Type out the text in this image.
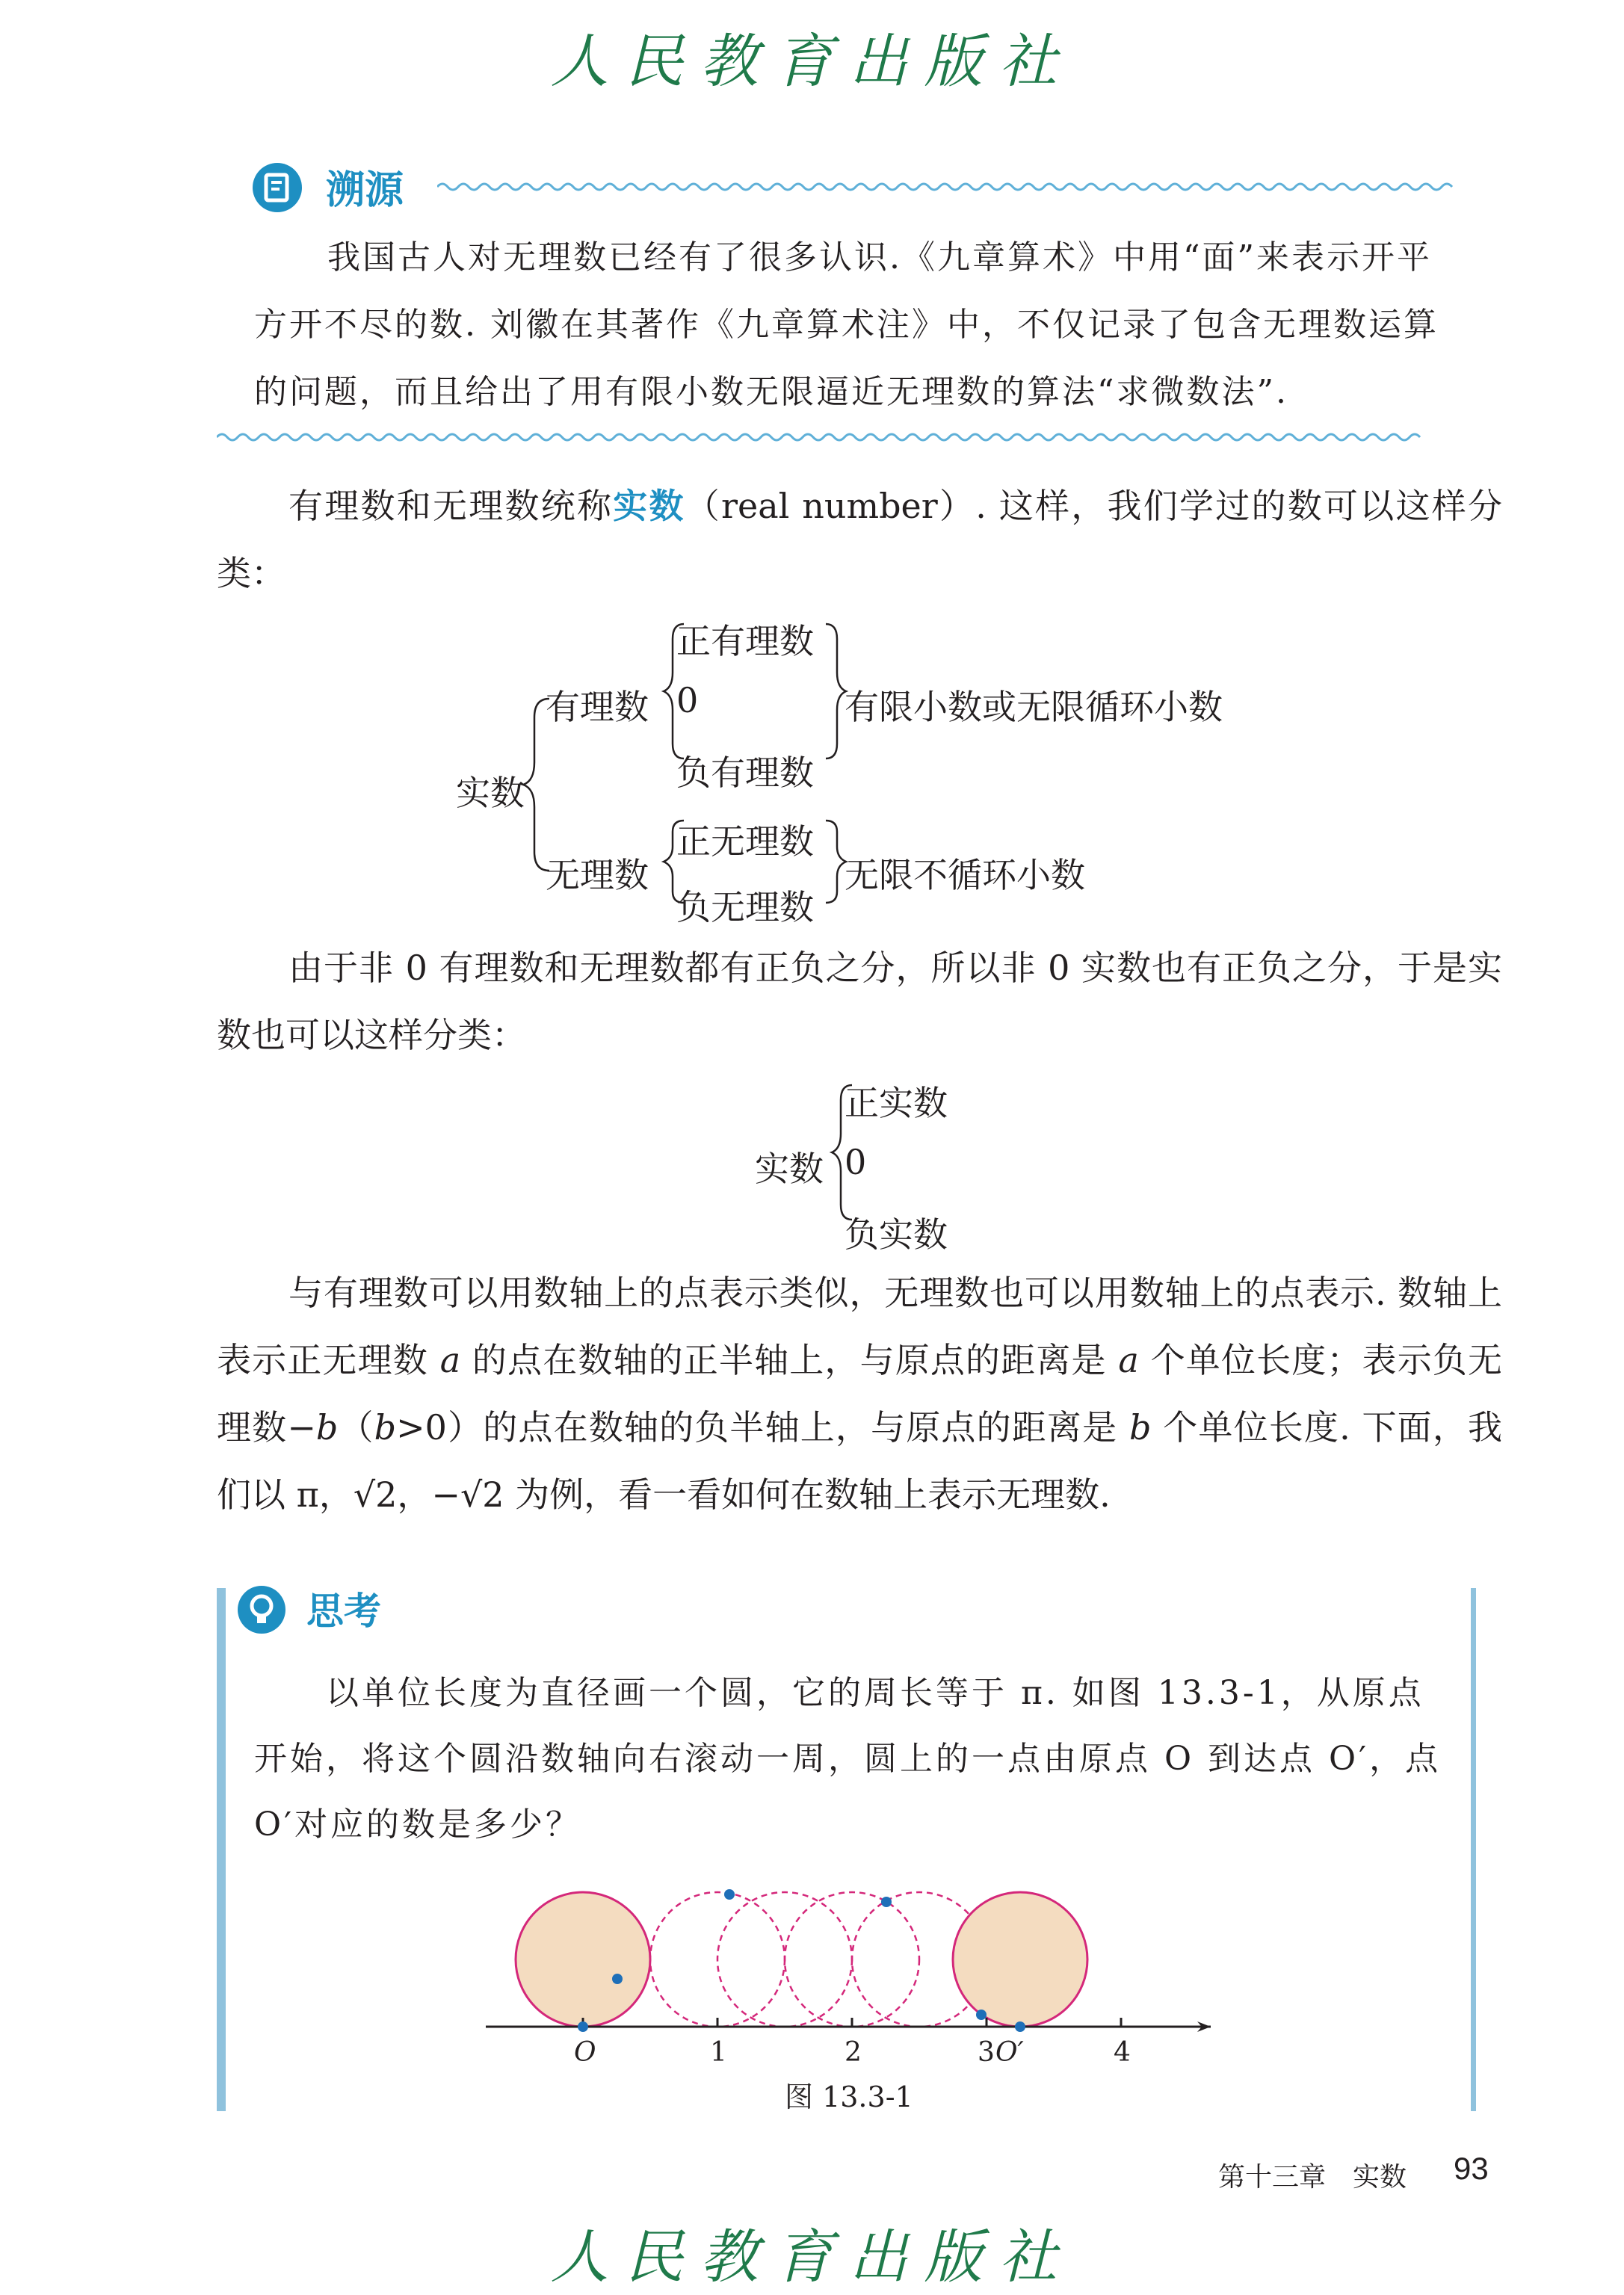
人民教育出版社
溯源
我国古人对无理数已经有了很多认识.《九章算术》中用“面”来表示开平方开不尽的数. 刘徽在其著作《九章算术注》中，不仅记录了包含无理数运算的问题，而且给出了用有限小数无限逼近无理数的算法“求微数法”.
有理数和无理数统称实数（real number）. 这样，我们学过的数可以这样分类：
实数
有理数
无理数
正有理数
0
负有理数
正无理数
负无理数
有限小数或无限循环小数
无限不循环小数
由于非 0 有理数和无理数都有正负之分，所以非 0 实数也有正负之分，于是实数也可以这样分类：
实数
正实数
0
负实数
与有理数可以用数轴上的点表示类似，无理数也可以用数轴上的点表示. 数轴上表示正无理数 a 的点在数轴的正半轴上，与原点的距离是 a 个单位长度；表示负无理数−b（b>0）的点在数轴的负半轴上，与原点的距离是 b 个单位长度. 下面，我们以 π，√2，−√2 为例，看一看如何在数轴上表示无理数.
思考
以单位长度为直径画一个圆，它的周长等于 π. 如图 13.3-1，从原点开始，将这个圆沿数轴向右滚动一周，圆上的一点由原点 O 到达点 O′，点 O′对应的数是多少？
O	1	2	3 O′	4
图 13.3-1
第十三章　实数 93
人民教育出版社
